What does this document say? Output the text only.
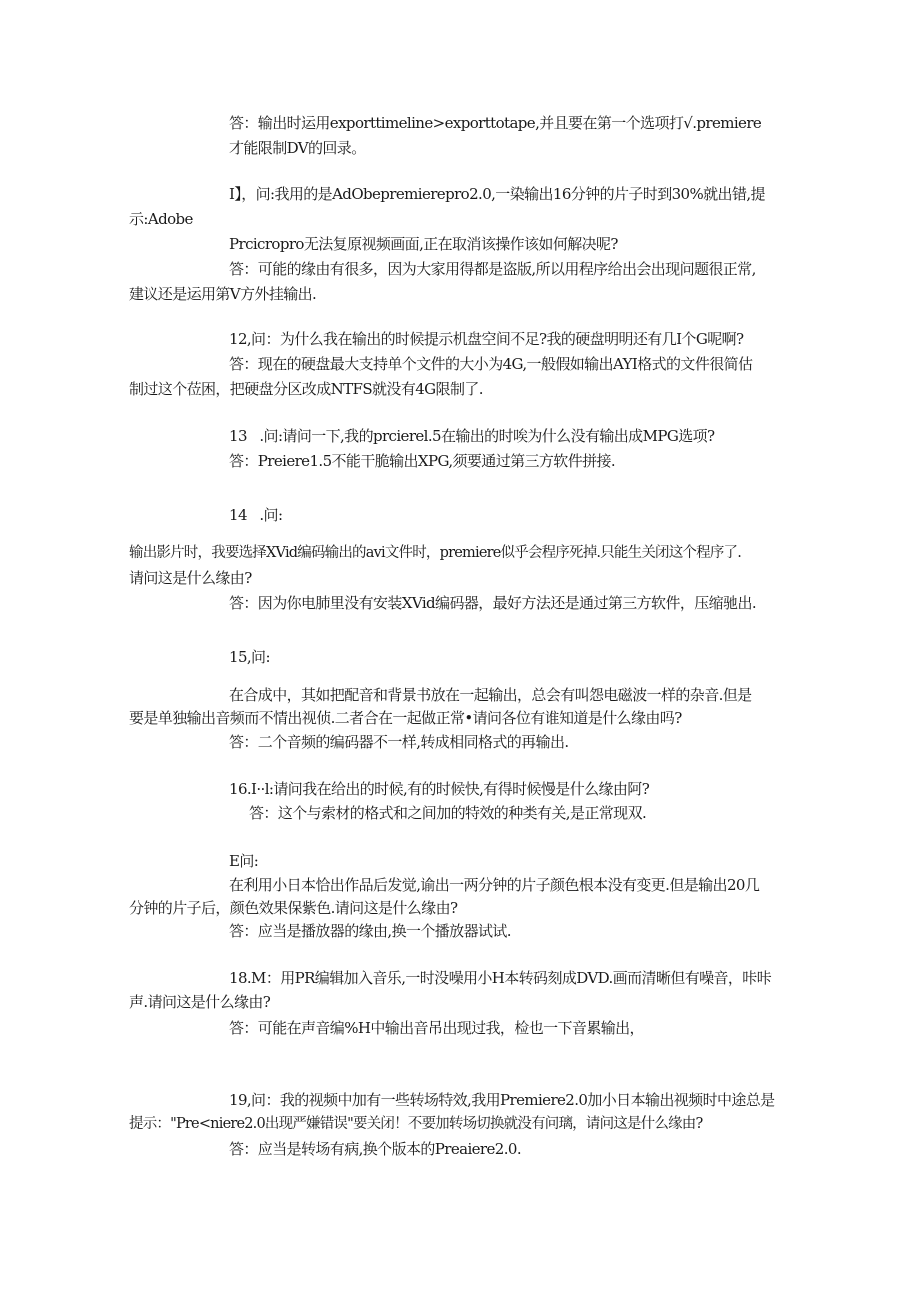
答：输出时运用exporttimeline>exporttotape,并且要在第一个选项打√.premiere
才能限制DV的回录。
I】，问:我用的是AdObepremierepro2.0,一染输出16分钟的片子时到30%就出错,提
示:Adobe
Prcicropro无法复原视频画面,正在取消该操作该如何解决呢?
答：可能的缘由有很多，因为大家用得都是盗版,所以用程序给出会出现问题很正常,
建议还是运用第V方外挂输出.
12,问：为什么我在输出的时候提示机盘空间不足?我的硬盘明明还有几I个G呢啊?
答：现在的硬盘最大支持单个文件的大小为4G,一般假如输出AYI格式的文件很简估
制过这个莅困，把硬盘分区改成NTFS就没有4G限制了.
13   .问:请问一下,我的prcierel.5在输出的时唉为什么没有输出成MPG选项?
答：Preiere1.5不能干脆输出XPG,须要通过第三方软件拼接.
14   .问:
输出影片时，我要选择XVid编码输出的avi文件时，premiere似乎会程序死掉.只能生关闭这个程序了.
请问这是什么缘由?
答：因为你电肺里没有安装XVid编码器，最好方法还是通过第三方软件，压缩驰出.
15,问:
在合成中，其如把配音和背景书放在一起输出，总会有叫怨电磁波一样的杂音.但是
要是单独输出音频而不情出视侦.二者合在一起做正常•请问各位有谁知道是什么缘由吗?
答：二个音频的编码器不一样,转成相同格式的再输出.
16.I··l:请问我在给出的时候,有的时候快,有得时候慢是什么缘由阿?
答：这个与索材的格式和之间加的特效的种类有关,是正常现双.
E问:
在利用小日本恰出作品后发觉,谕出一两分钟的片子颜色根本没有变更.但是输出20几
分钟的片子后，颜色效果保紫色.请问这是什么缘由?
答：应当是播放器的缘由,换一个播放器试试.
18.M：用PR编辑加入音乐,一时没噪用小H本转码刻成DVD.画而清晰但有噪音，咔咔
声.请问这是什么缘由?
答：可能在声音编%H中输出音吊出现过我，检也一下音累输出，
19,问：我的视频中加有一些转场特效,我用Premiere2.0加小日本输出视频时中途总是
提示："Pre<niere2.0出现严嫌错误"要关闭！不要加转场切换就没有问璃，请问这是什么缘由?
答：应当是转场有病,换个版本的Preaiere2.0.
